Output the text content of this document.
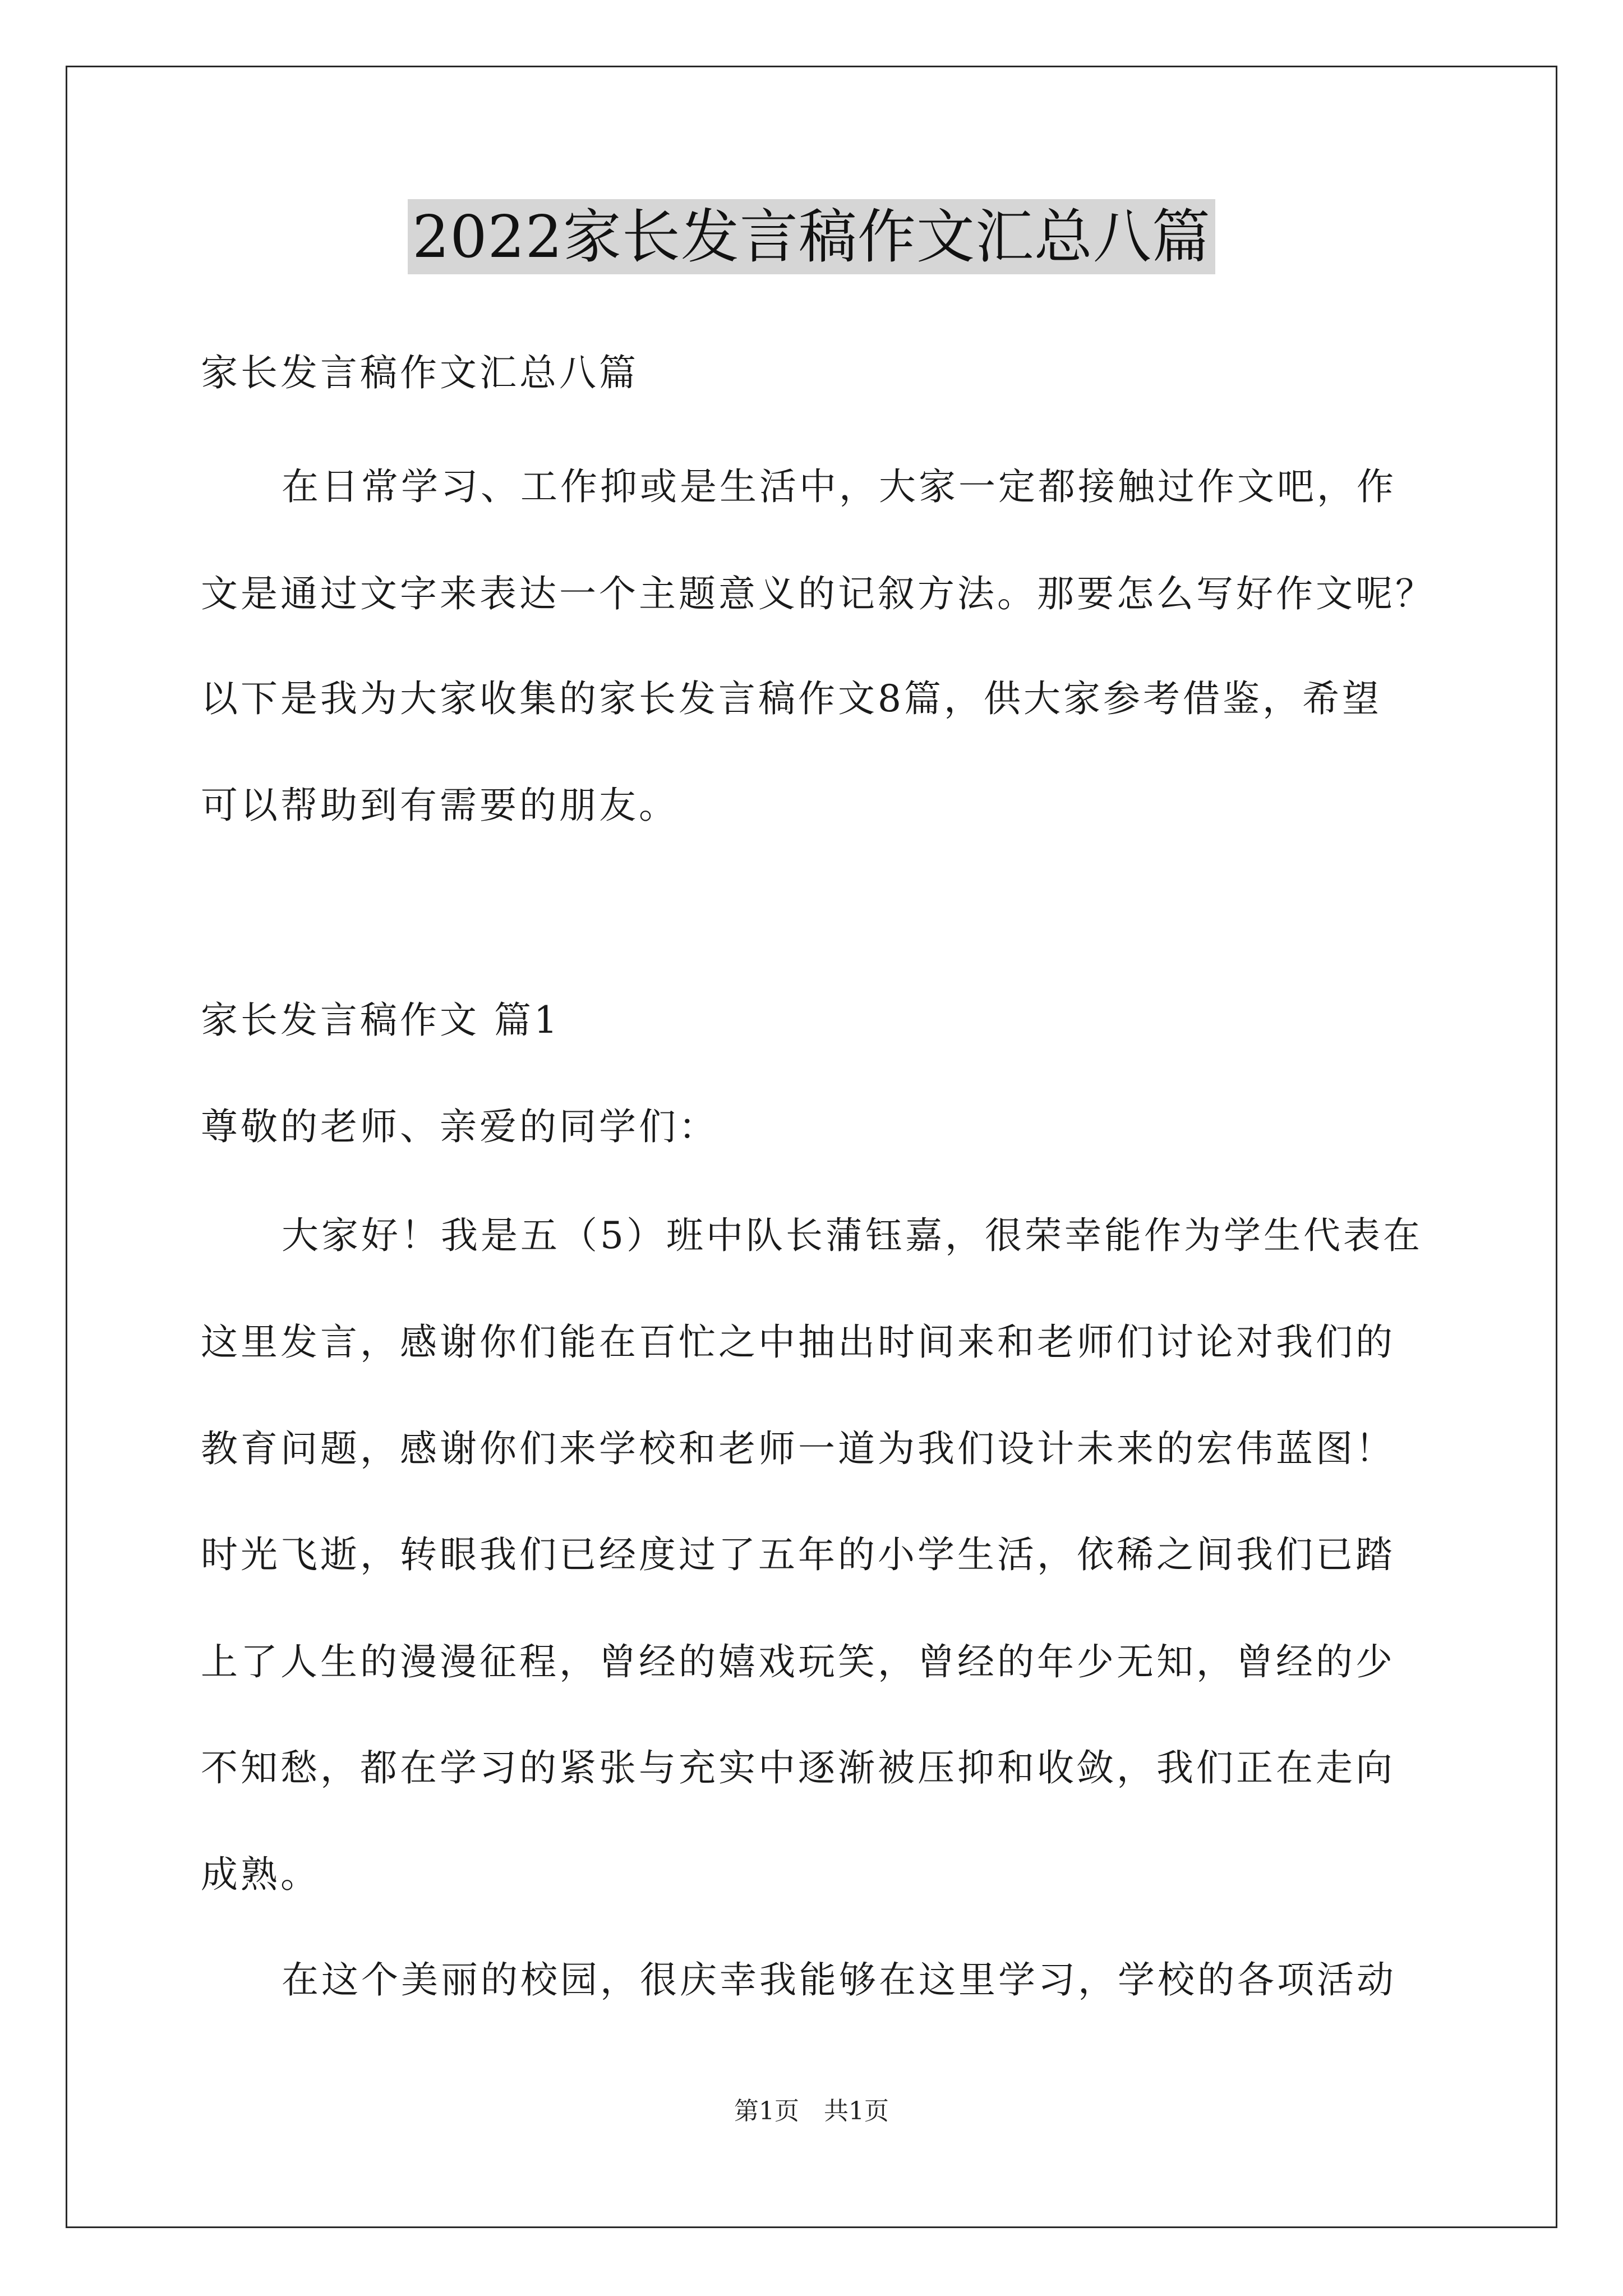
2022家长发言稿作文汇总八篇
家长发言稿作文汇总八篇
在日常学习、工作抑或是生活中，大家一定都接触过作文吧，作
文是通过文字来表达一个主题意义的记叙方法。那要怎么写好作文呢？
以下是我为大家收集的家长发言稿作文8篇，供大家参考借鉴，希望
可以帮助到有需要的朋友。
家长发言稿作文 篇1
尊敬的老师、亲爱的同学们：
大家好！我是五（5）班中队长蒲钰嘉，很荣幸能作为学生代表在
这里发言，感谢你们能在百忙之中抽出时间来和老师们讨论对我们的
教育问题，感谢你们来学校和老师一道为我们设计未来的宏伟蓝图！
时光飞逝，转眼我们已经度过了五年的小学生活，依稀之间我们已踏
上了人生的漫漫征程，曾经的嬉戏玩笑，曾经的年少无知，曾经的少
不知愁，都在学习的紧张与充实中逐渐被压抑和收敛，我们正在走向
成熟。
在这个美丽的校园，很庆幸我能够在这里学习，学校的各项活动
第1页　共1页
